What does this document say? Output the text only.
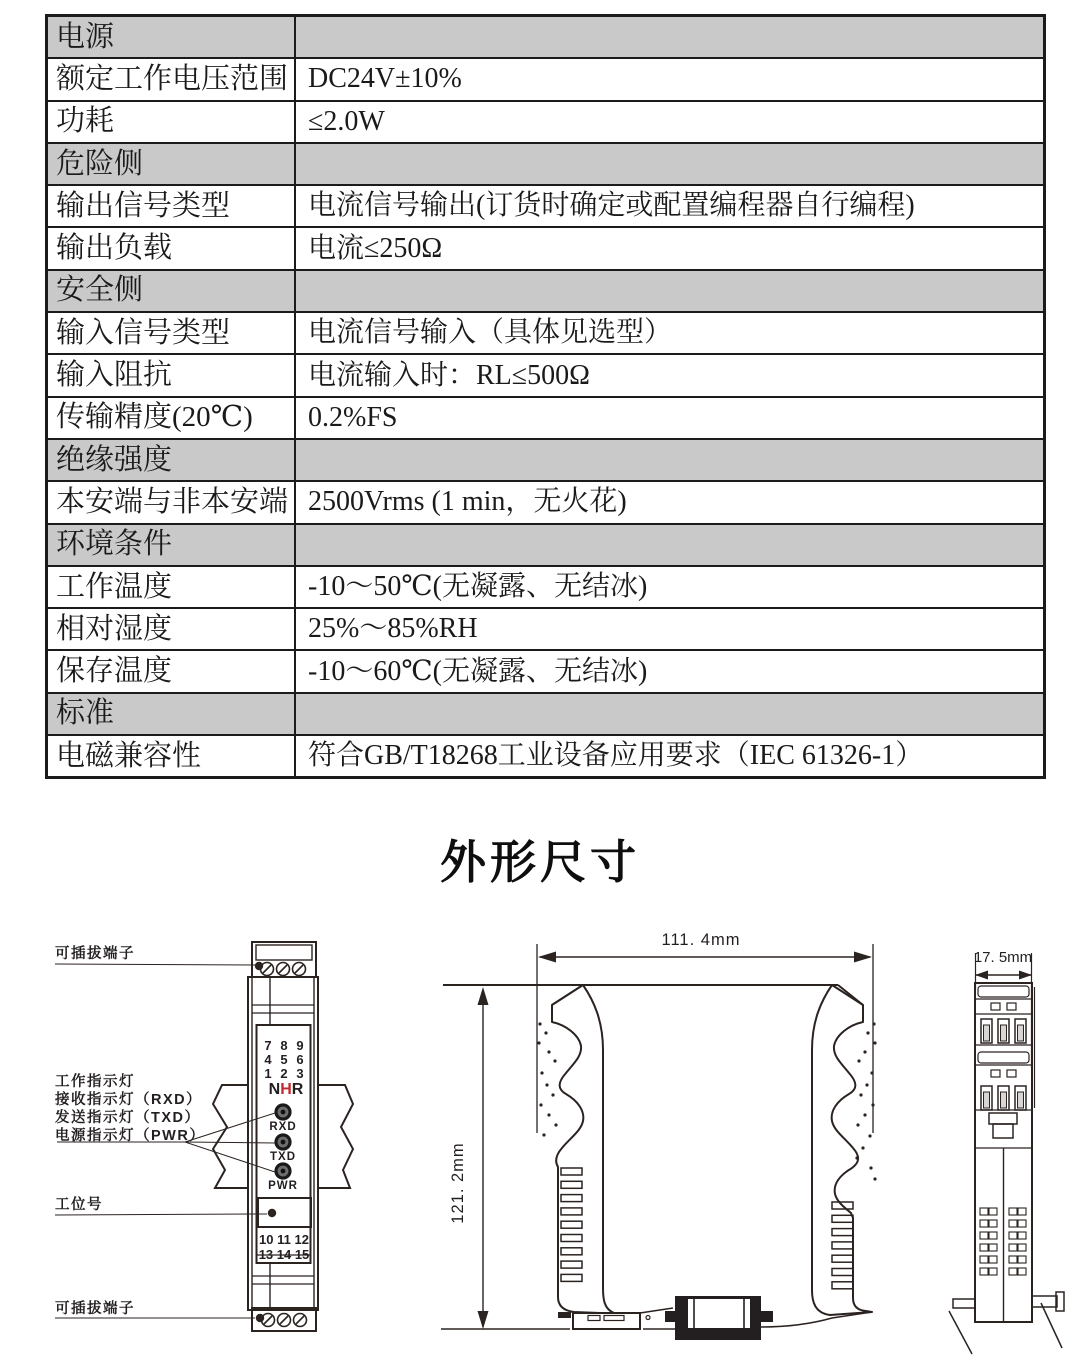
电源
额定工作电压范围 DC24V±10%
功耗	≤2.0W
危险侧
输出信号类型	电流信号输出(订货时确定或配置编程器自行编程)
输出负载	电流≤250Ω
安全侧
输入信号类型	电流信号输入（具体见选型）
输入阻抗	电流输入时：RL≤500Ω
传输精度(20℃)	0.2%FS
绝缘强度
本安端与非本安端 2500Vrms (1 min，无火花)
环境条件
工作温度	-10～50℃(无凝露、无结冰)
相对湿度	25%～85%RH
保存温度	-10～60℃(无凝露、无结冰)
标准
电磁兼容性	符合GB/T18268工业设备应用要求（IEC 61326-1）
外形尺寸
7 8 9
4 5 6
1 2 3
NHR
RXD
TXD
PWR
10 11 12
13 14 15
可插拔端子
工作指示灯
接收指示灯（RXD）
发送指示灯（TXD）
电源指示灯（PWR）
工位号
可插拔端子
111. 4mm
121. 2mm
17. 5mm
